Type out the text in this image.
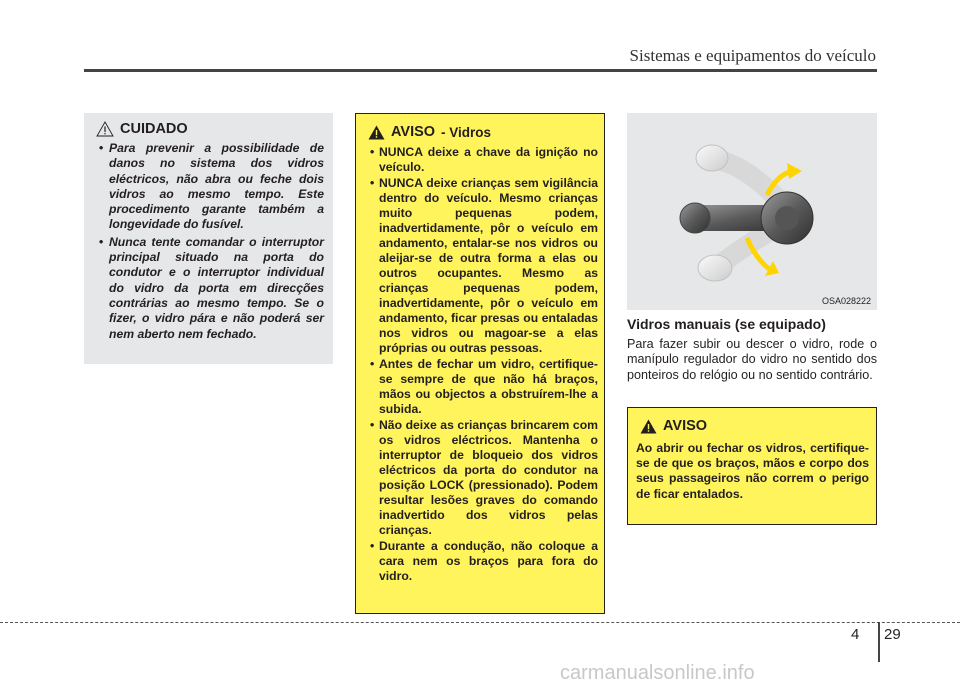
Sistemas e equipamentos do veículo
CUIDADO
• Para prevenir a possibilidade de danos no sistema dos vidros eléctricos, não abra ou feche dois vidros ao mesmo tempo. Este procedimento garante também a longevidade do fusível.
• Nunca tente comandar o interruptor principal situado na porta do condutor e o interruptor individual do vidro da porta em direcções contrárias ao mesmo tempo. Se o fizer, o vidro pára e não poderá ser nem aberto nem fechado.
AVISO - Vidros
• NUNCA deixe a chave da ignição no veículo.
• NUNCA deixe crianças sem vigilância dentro do veículo. Mesmo crianças muito pequenas podem, inadvertidamente, pôr o veículo em andamento, entalar-se nos vidros ou aleijar-se de outra forma a elas ou outros ocupantes. Mesmo as crianças pequenas podem, inadvertidamente, pôr o veículo em andamento, ficar presas ou entaladas nos vidros ou magoar-se a elas próprias ou outras pessoas.
• Antes de fechar um vidro, certifique-se sempre de que não há braços, mãos ou objectos a obstruírem-lhe a subida.
• Não deixe as crianças brincarem com os vidros eléctricos. Mantenha o interruptor de bloqueio dos vidros eléctricos da porta do condutor na posição LOCK (pressionado). Podem resultar lesões graves do comando inadvertido dos vidros pelas crianças.
• Durante a condução, não coloque a cara nem os braços para fora do vidro.
OSA028222
Vidros manuais (se equipado)
Para fazer subir ou descer o vidro, rode o manípulo regulador do vidro no sentido dos ponteiros do relógio ou no sentido contrário.
AVISO
Ao abrir ou fechar os vidros, certifique-se de que os braços, mãos e corpo dos seus passageiros não correm o perigo de ficar entalados.
4 29
carmanualsonline.info
